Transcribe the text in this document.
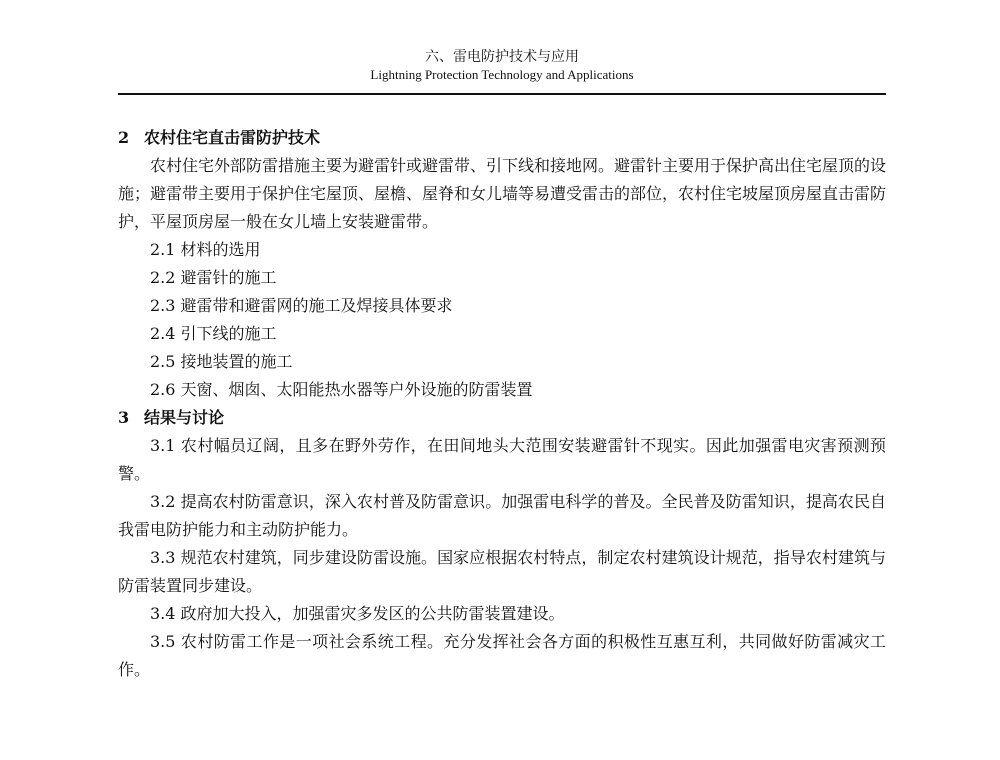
六、雷电防护技术与应用
Lightning Protection Technology and Applications

2 农村住宅直击雷防护技术

农村住宅外部防雷措施主要为避雷针或避雷带、引下线和接地网。避雷针主要用于保护高出住宅屋顶的设施；避雷带主要用于保护住宅屋顶、屋檐、屋脊和女儿墙等易遭受雷击的部位，农村住宅坡屋顶房屋直击雷防护，平屋顶房屋一般在女儿墙上安装避雷带。

2.1 材料的选用

2.2 避雷针的施工

2.3 避雷带和避雷网的施工及焊接具体要求

2.4 引下线的施工

2.5 接地装置的施工

2.6 天窗、烟囱、太阳能热水器等户外设施的防雷装置

3 结果与讨论

3.1 农村幅员辽阔，且多在野外劳作，在田间地头大范围安装避雷针不现实。因此加强雷电灾害预测预警。

3.2 提高农村防雷意识，深入农村普及防雷意识。加强雷电科学的普及。全民普及防雷知识，提高农民自我雷电防护能力和主动防护能力。

3.3 规范农村建筑，同步建设防雷设施。国家应根据农村特点，制定农村建筑设计规范，指导农村建筑与防雷装置同步建设。

3.4 政府加大投入，加强雷灾多发区的公共防雷装置建设。

3.5 农村防雷工作是一项社会系统工程。充分发挥社会各方面的积极性互惠互利，共同做好防雷减灾工作。
